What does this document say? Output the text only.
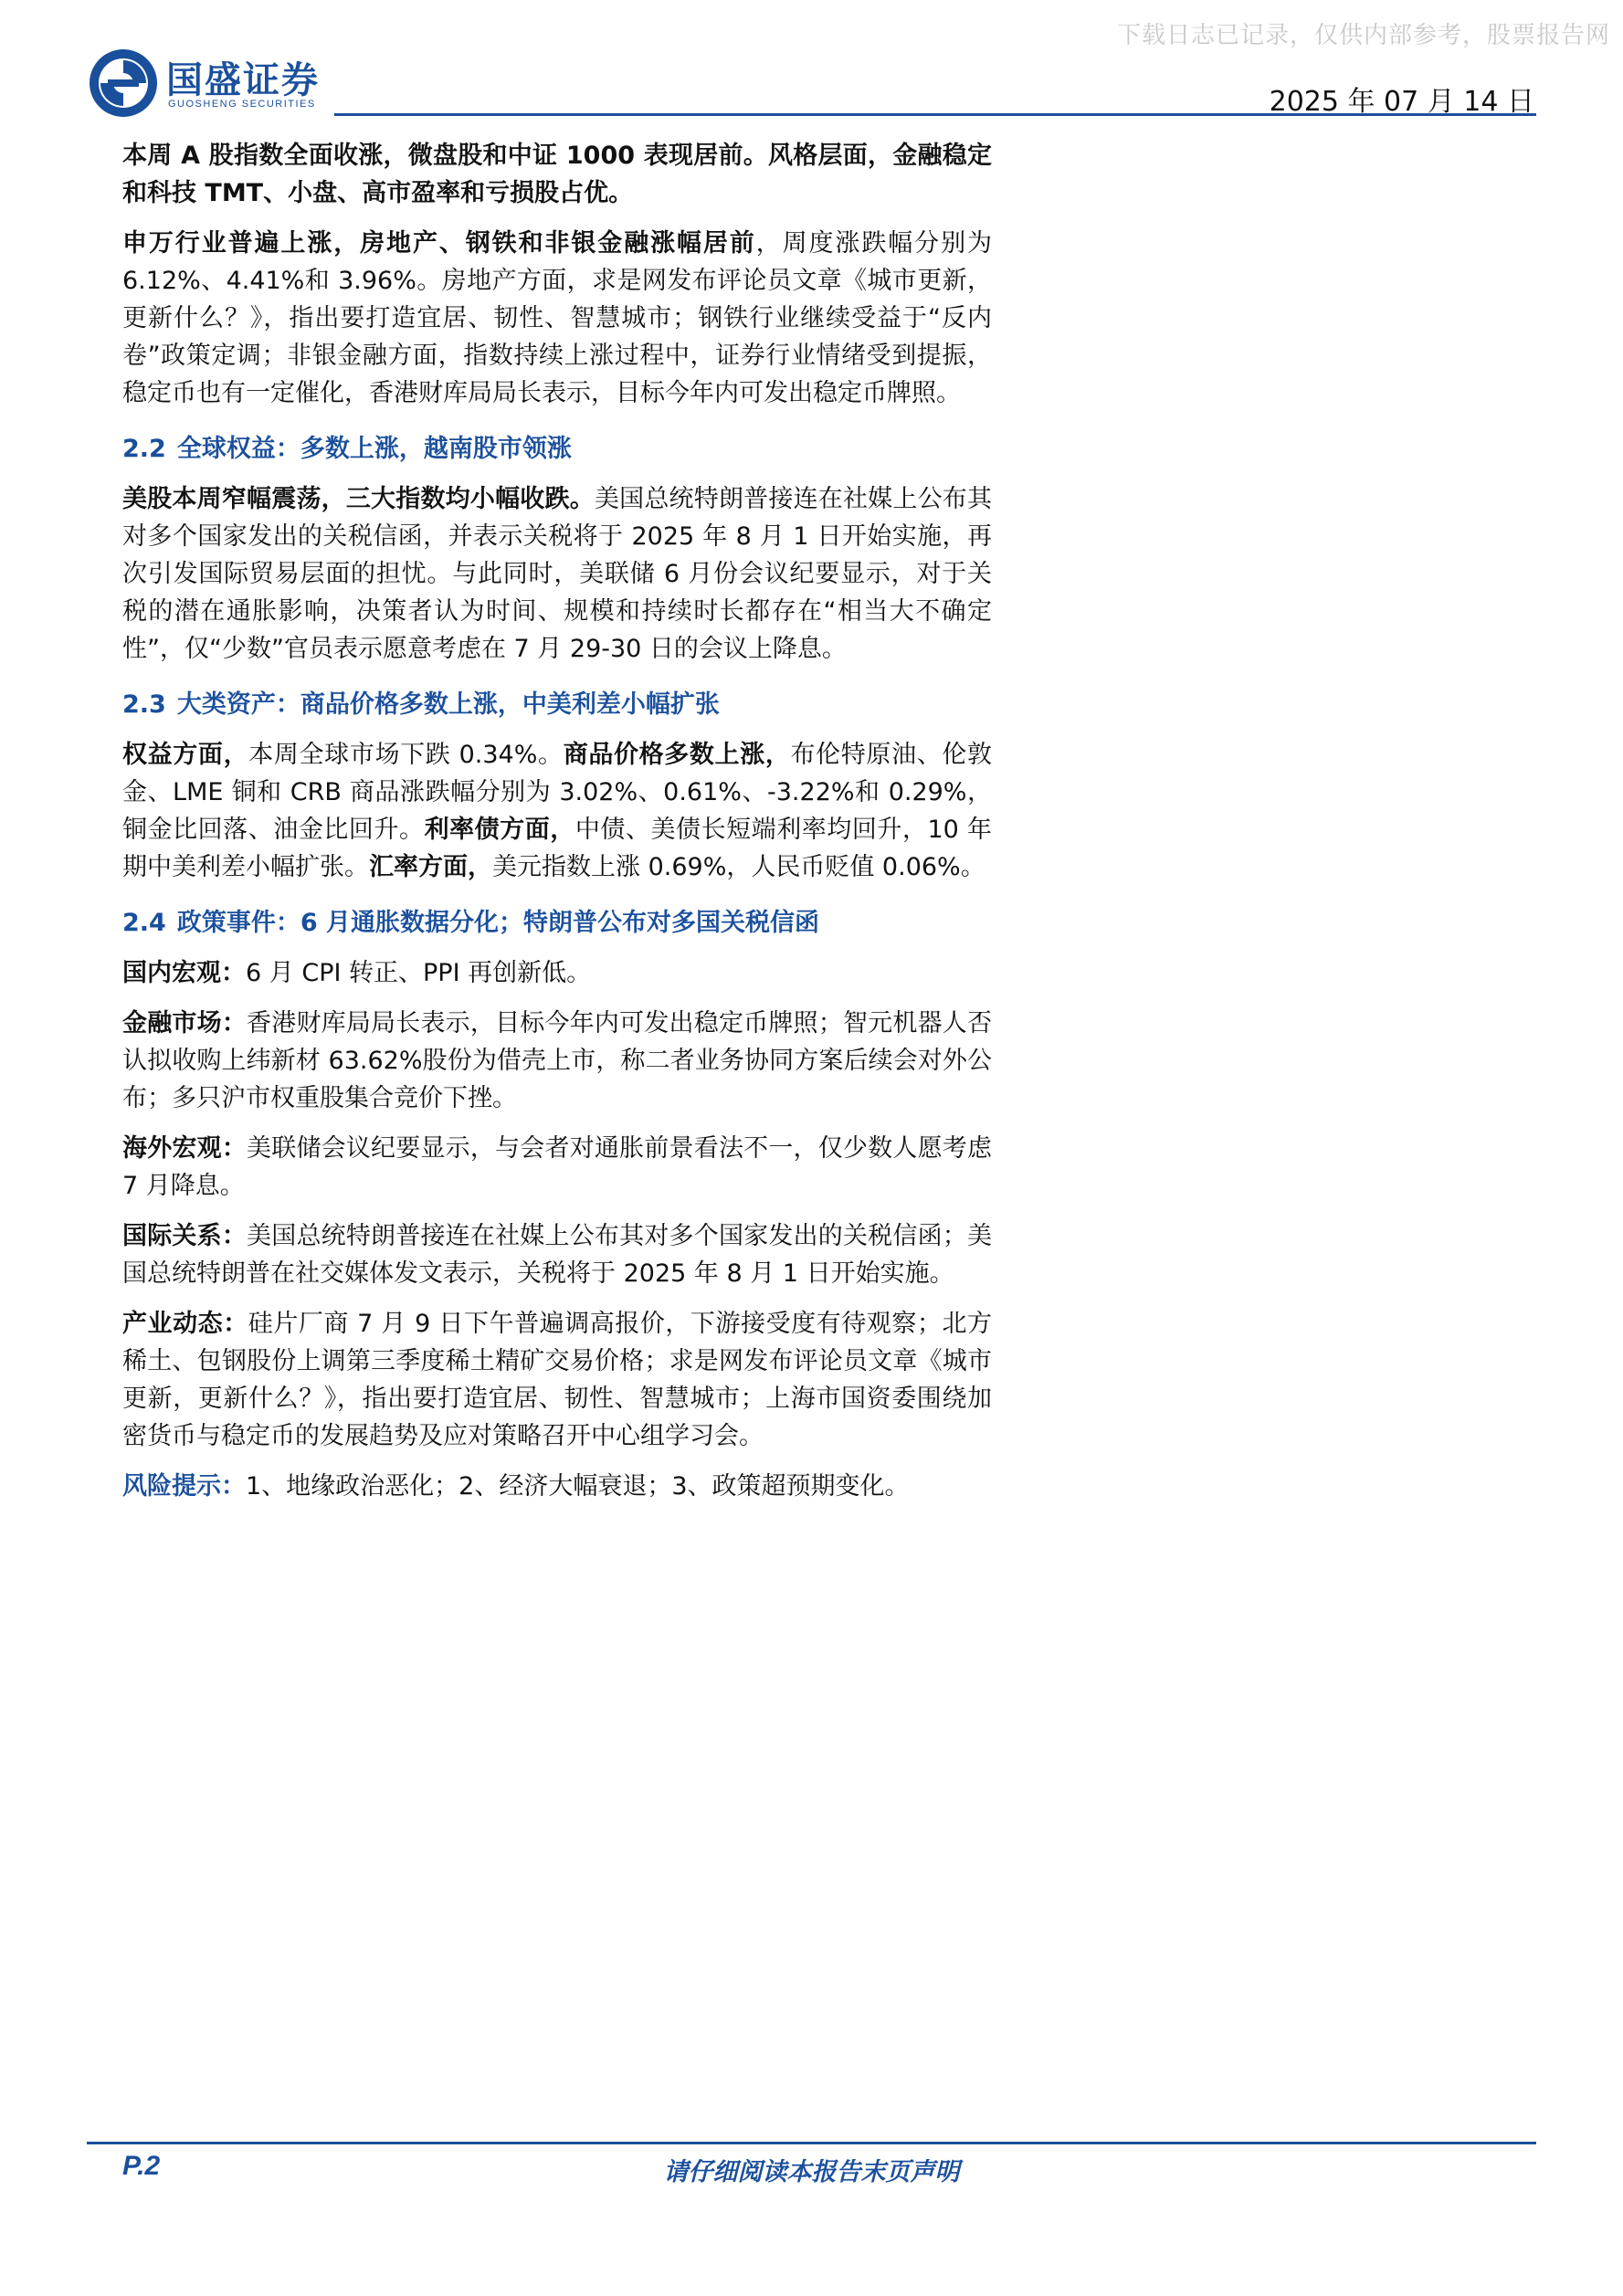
下载日志已记录，仅供内部参考，股票报告网
国盛证券
GUOSHENG SECURITIES	2025 年 07 月 14 日

本周 A 股指数全面收涨，微盘股和中证 1000 表现居前。风格层面，金融稳定和科技 TMT、小盘、高市盈率和亏损股占优。

申万行业普遍上涨，房地产、钢铁和非银金融涨幅居前，周度涨跌幅分别为 6.12%、4.41%和 3.96%。房地产方面，求是网发布评论员文章《城市更新，更新什么？》，指出要打造宜居、韧性、智慧城市；钢铁行业继续受益于“反内卷”政策定调；非银金融方面，指数持续上涨过程中，证券行业情绪受到提振，稳定币也有一定催化，香港财库局局长表示，目标今年内可发出稳定币牌照。

2.2 全球权益：多数上涨，越南股市领涨

美股本周窄幅震荡，三大指数均小幅收跌。美国总统特朗普接连在社媒上公布其对多个国家发出的关税信函，并表示关税将于 2025 年 8 月 1 日开始实施，再次引发国际贸易层面的担忧。与此同时，美联储 6 月份会议纪要显示，对于关税的潜在通胀影响，决策者认为时间、规模和持续时长都存在“相当大不确定性”，仅“少数”官员表示愿意考虑在 7 月 29-30 日的会议上降息。

2.3 大类资产：商品价格多数上涨，中美利差小幅扩张

权益方面，本周全球市场下跌 0.34%。商品价格多数上涨，布伦特原油、伦敦金、LME 铜和 CRB 商品涨跌幅分别为 3.02%、0.61%、-3.22%和 0.29%，铜金比回落、油金比回升。利率债方面，中债、美债长短端利率均回升，10 年期中美利差小幅扩张。汇率方面，美元指数上涨 0.69%，人民币贬值 0.06%。

2.4 政策事件：6 月通胀数据分化；特朗普公布对多国关税信函

国内宏观：6 月 CPI 转正、PPI 再创新低。

金融市场：香港财库局局长表示，目标今年内可发出稳定币牌照；智元机器人否认拟收购上纬新材 63.62%股份为借壳上市，称二者业务协同方案后续会对外公布；多只沪市权重股集合竞价下挫。

海外宏观：美联储会议纪要显示，与会者对通胀前景看法不一，仅少数人愿考虑 7 月降息。

国际关系：美国总统特朗普接连在社媒上公布其对多个国家发出的关税信函；美国总统特朗普在社交媒体发文表示，关税将于 2025 年 8 月 1 日开始实施。

产业动态：硅片厂商 7 月 9 日下午普遍调高报价，下游接受度有待观察；北方稀土、包钢股份上调第三季度稀土精矿交易价格；求是网发布评论员文章《城市更新，更新什么？》，指出要打造宜居、韧性、智慧城市；上海市国资委围绕加密货币与稳定币的发展趋势及应对策略召开中心组学习会。

风险提示：1、地缘政治恶化；2、经济大幅衰退；3、政策超预期变化。

P.2	请仔细阅读本报告末页声明
